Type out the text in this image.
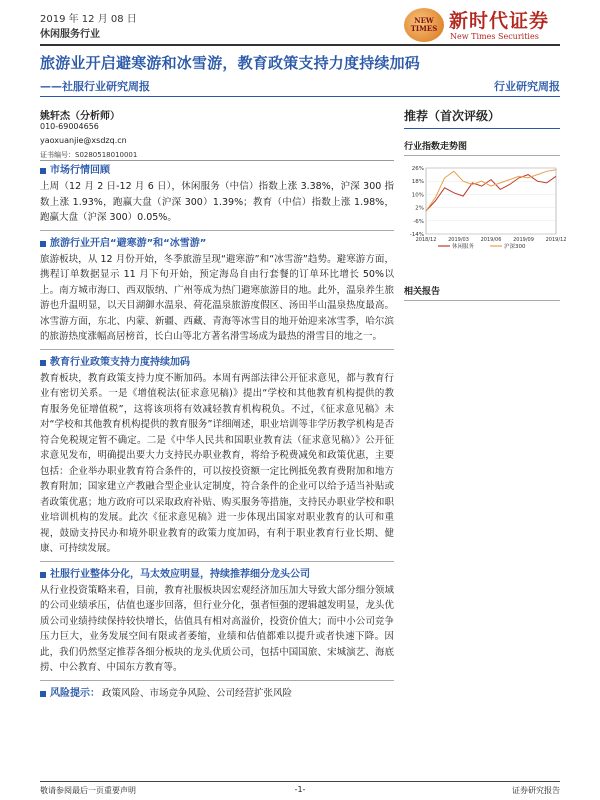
2019 年 12 月 08 日
休闲服务行业
NEW TIMES 新时代证券
New Times Securities
旅游业开启避寒游和冰雪游，教育政策支持力度持续加码
——社服行业研究周报	行业研究周报
姚轩杰（分析师）
010-69004656
yaoxuanjie@xsdzq.cn
证书编号：S0280518010001
市场行情回顾
上周（12 月 2 日-12 月 6 日），休闲服务（中信）指数上涨 3.38%，沪深 300 指数上涨 1.93%，跑赢大盘（沪深 300）1.39%；教育（中信）指数上涨 1.98%，跑赢大盘（沪深 300）0.05%。
旅游行业开启“避寒游”和“冰雪游”
旅游板块，从 12 月份开始，冬季旅游呈现“避寒游”和“冰雪游”趋势。避寒游方面，携程订单数据显示 11 月下旬开始，预定海岛自由行套餐的订单环比增长 50%以上。南方城市海口、西双版纳、广州等成为热门避寒旅游目的地。此外，温泉养生旅游也升温明显，以天目湖御水温泉、荷花温泉旅游度假区、汤田半山温泉热度最高。冰雪游方面，东北、内蒙、新疆、西藏、青海等冰雪目的地开始迎来冰雪季，哈尔滨的旅游热度涨幅高居榜首，长白山等北方著名滑雪场成为最热的滑雪目的地之一。
教育行业政策支持力度持续加码
教育板块，教育政策支持力度不断加码。本周有两部法律公开征求意见，都与教育行业有密切关系。一是《增值税法(征求意见稿)》提出“学校和其他教育机构提供的教育服务免征增值税”，这将该项将有效减轻教育机构税负。不过，《征求意见稿》未对“学校和其他教育机构提供的教育服务”详细阐述，职业培训等非学历教学机构是否符合免税规定暂不确定。二是《中华人民共和国职业教育法（征求意见稿）》公开征求意见发布，明确提出要大力支持民办职业教育，将给予税费减免和政策优惠，主要包括：企业举办职业教育符合条件的，可以按投资额一定比例抵免教育费附加和地方教育附加；国家建立产教融合型企业认定制度，符合条件的企业可以给予适当补贴或者政策优惠；地方政府可以采取政府补贴、购买服务等措施，支持民办职业学校和职业培训机构的发展。此次《征求意见稿》进一步体现出国家对职业教育的认可和重视，鼓励支持民办和境外职业教育的政策力度加码，有利于职业教育行业长期、健康、可持续发展。
社服行业整体分化，马太效应明显，持续推荐细分龙头公司
从行业投资策略来看，目前，教育社服板块因宏观经济加压加大导致大部分细分领域的公司业绩承压，估值也逐步回落，但行业分化，强者恒强的逻辑越发明显，龙头优质公司业绩持续保持较快增长，估值具有相对高溢价，投资价值大；而中小公司竞争压力巨大，业务发展空间有限或者萎缩，业绩和估值都难以提升或者快速下降。因此，我们仍然坚定推荐各细分板块的龙头优质公司，包括中国国旅、宋城演艺、海底捞、中公教育、中国东方教育等。
风险提示： 政策风险、市场竞争风险、公司经营扩张风险
推荐（首次评级）
行业指数走势图
26%
18%
10%
2%
-6%
-14%
2018/12 2019/03 2019/06 2019/09 2019/12
休闲服务	沪深300
相关报告
敬请参阅最后一页重要声明	-1-	证券研究报告
